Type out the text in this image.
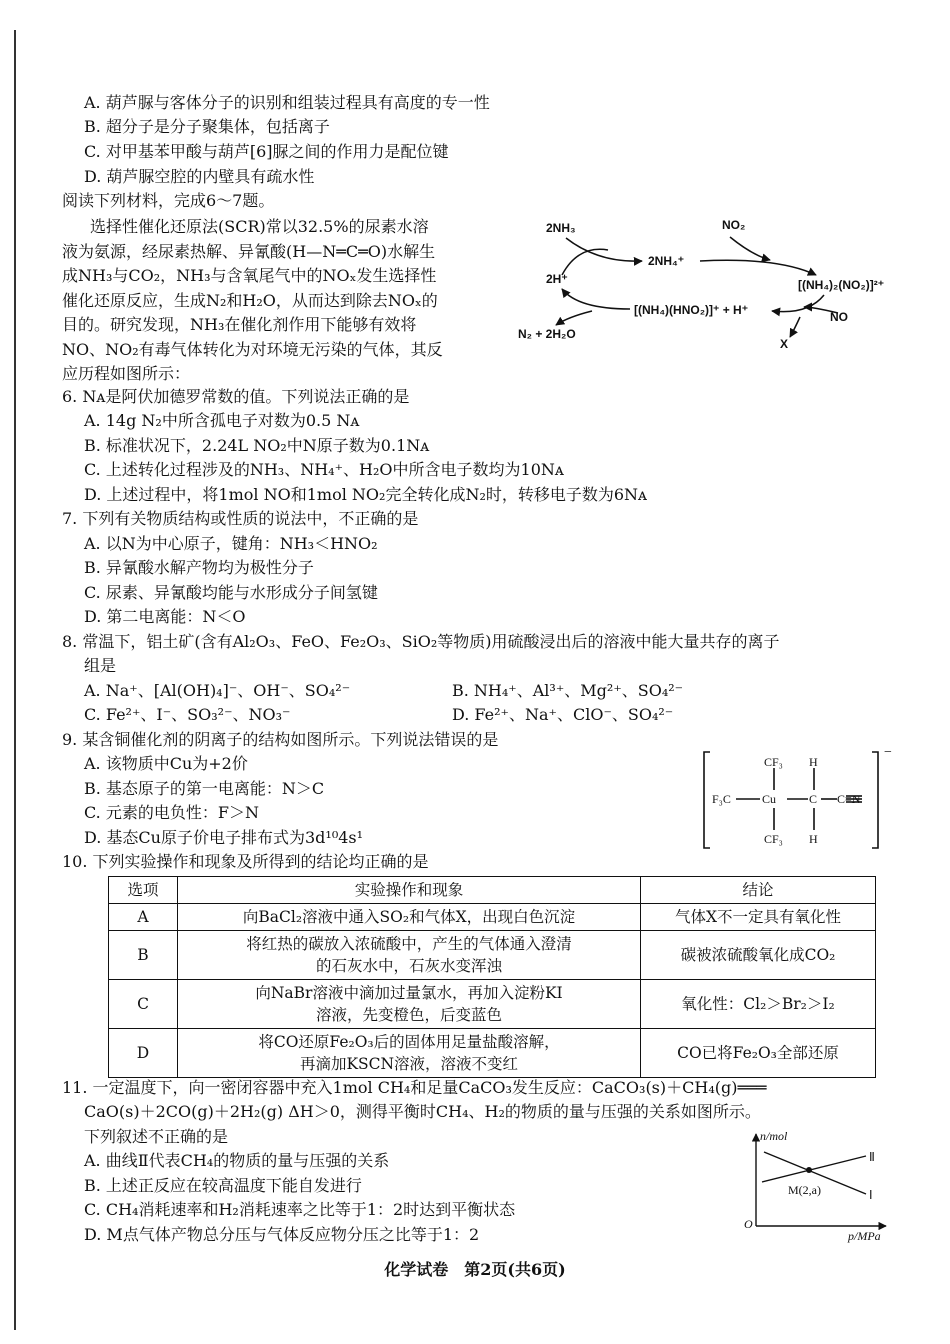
A. 葫芦脲与客体分子的识别和组装过程具有高度的专一性
B. 超分子是分子聚集体，包括离子
C. 对甲基苯甲酸与葫芦[6]脲之间的作用力是配位键
D. 葫芦脲空腔的内壁具有疏水性
阅读下列材料，完成6～7题。
选择性催化还原法(SCR)常以32.5%的尿素水溶
液为氨源，经尿素热解、异氰酸(H—N═C═O)水解生
成NH₃与CO₂，NH₃与含氧尾气中的NOₓ发生选择性
催化还原反应，生成N₂和H₂O，从而达到除去NOₓ的
目的。研究发现，NH₃在催化剂作用下能够有效将
NO、NO₂有毒气体转化为对环境无污染的气体，其反
应历程如图所示：
2NH₃
2NH₄⁺
NO₂
[(NH₄)₂(NO₂)]²⁺
NO
X
[(NH₄)(HNO₂)]⁺ + H⁺
2H⁺
N₂ + 2H₂O
6. Nᴀ是阿伏加德罗常数的值。下列说法正确的是
A. 14g N₂中所含孤电子对数为0.5 Nᴀ
B. 标准状况下，2.24L NO₂中N原子数为0.1Nᴀ
C. 上述转化过程涉及的NH₃、NH₄⁺、H₂O中所含电子数均为10Nᴀ
D. 上述过程中，将1mol NO和1mol NO₂完全转化成N₂时，转移电子数为6Nᴀ
7. 下列有关物质结构或性质的说法中，不正确的是
A. 以N为中心原子，键角：NH₃＜HNO₂
B. 异氰酸水解产物均为极性分子
C. 尿素、异氰酸均能与水形成分子间氢键
D. 第二电离能：N＜O
8. 常温下，铝土矿(含有Al₂O₃、FeO、Fe₂O₃、SiO₂等物质)用硫酸浸出后的溶液中能大量共存的离子
组是
A. Na⁺、[Al(OH)₄]⁻、OH⁻、SO₄²⁻	B. NH₄⁺、Al³⁺、Mg²⁺、SO₄²⁻
C. Fe²⁺、I⁻、SO₃²⁻、NO₃⁻	D. Fe²⁺、Na⁺、ClO⁻、SO₄²⁻
9. 某含铜催化剂的阴离子的结构如图所示。下列说法错误的是
A. 该物质中Cu为+2价
B. 基态原子的第一电离能：N＞C
C. 元素的电负性：F＞N
D. 基态Cu原子价电子排布式为3d¹⁰4s¹
CF₃ H
F₃C	Cu	C C≡N
CF₃ H
−
10. 下列实验操作和现象及所得到的结论均正确的是
选项	实验操作和现象	结论
A	向BaCl₂溶液中通入SO₂和气体X，出现白色沉淀	气体X不一定具有氧化性
B	将红热的碳放入浓硫酸中，产生的气体通入澄清
的石灰水中，石灰水变浑浊	碳被浓硫酸氧化成CO₂
C	向NaBr溶液中滴加过量氯水，再加入淀粉KI
溶液，先变橙色，后变蓝色	氧化性：Cl₂＞Br₂＞I₂
D	将CO还原Fe₂O₃后的固体用足量盐酸溶解，
再滴加KSCN溶液，溶液不变红	CO已将Fe₂O₃全部还原
11. 一定温度下，向一密闭容器中充入1mol CH₄和足量CaCO₃发生反应：CaCO₃(s)＋CH₄(g)═══
CaO(s)＋2CO(g)＋2H₂(g) ΔH＞0，测得平衡时CH₄、H₂的物质的量与压强的关系如图所示。
下列叙述不正确的是
A. 曲线Ⅱ代表CH₄的物质的量与压强的关系
B. 上述正反应在较高温度下能自发进行
C. CH₄消耗速率和H₂消耗速率之比等于1：2时达到平衡状态
D. M点气体产物总分压与气体反应物分压之比等于1：2
n/mol
p/MPa
O
Ⅱ
Ⅰ
M(2,a)
化学试卷　第2页(共6页)
